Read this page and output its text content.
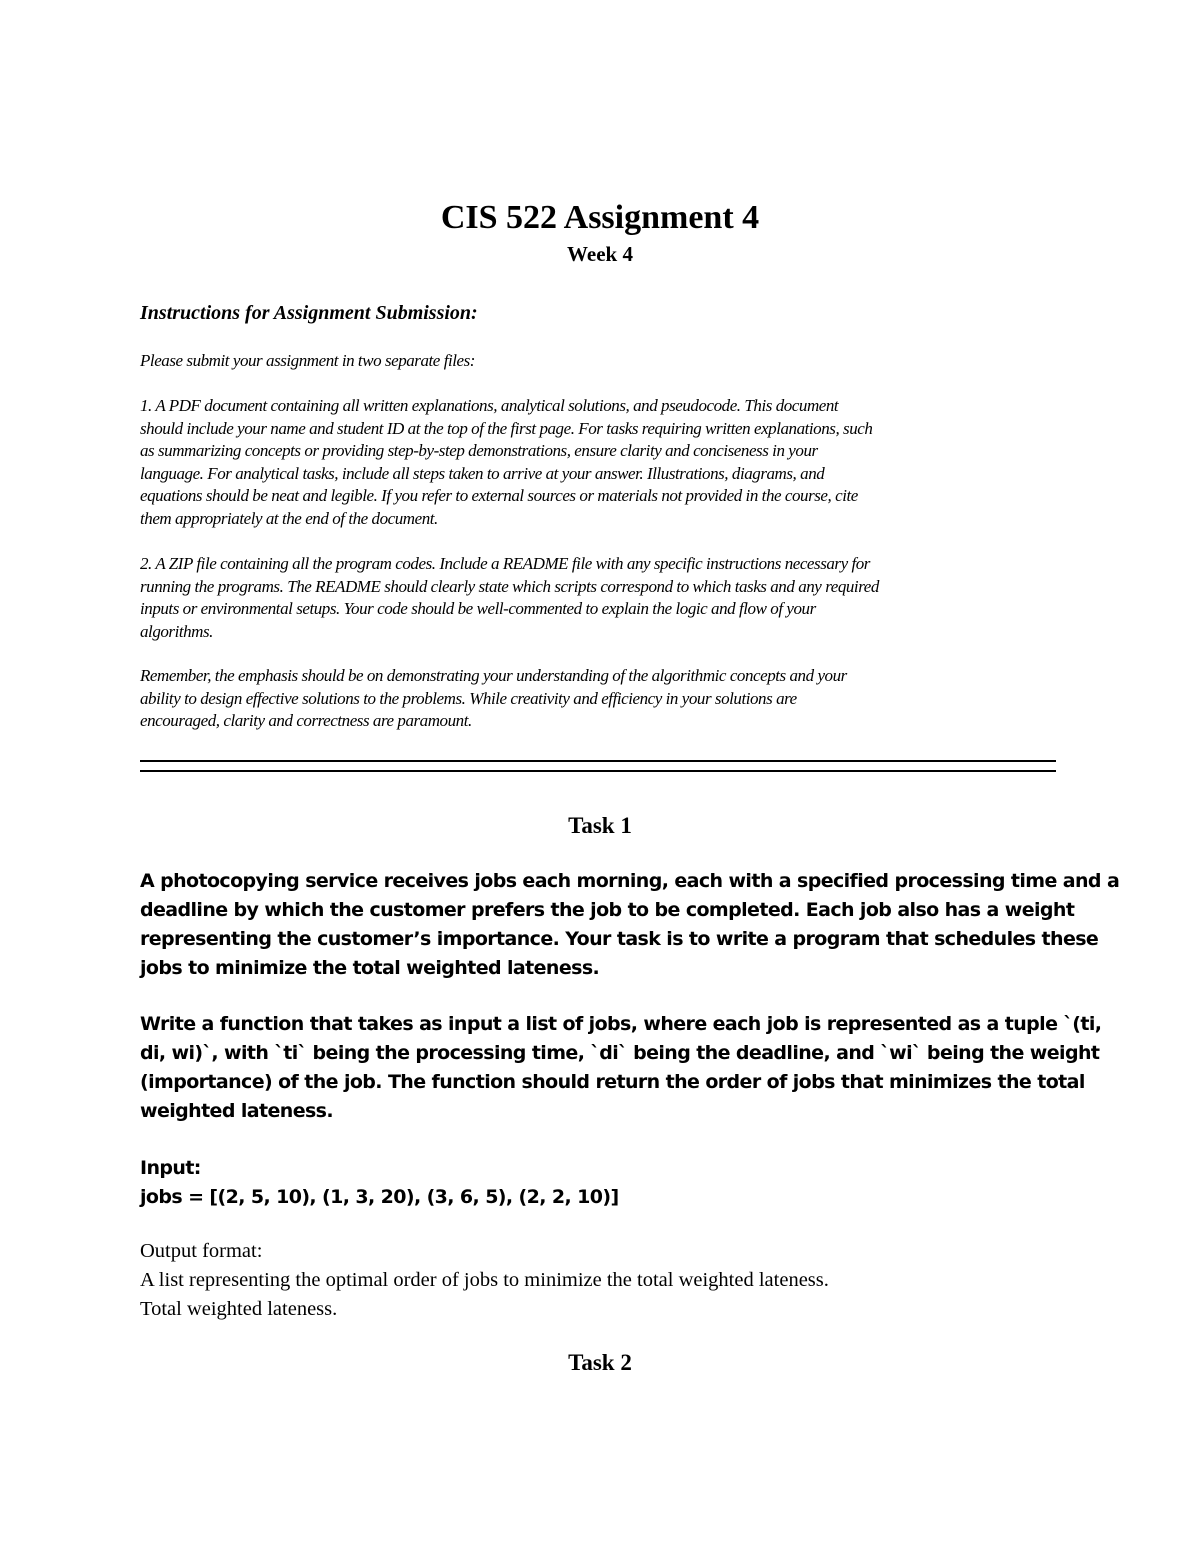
CIS 522 Assignment 4
Week 4
Instructions for Assignment Submission:
Please submit your assignment in two separate files:
1. A PDF document containing all written explanations, analytical solutions, and pseudocode. This document
should include your name and student ID at the top of the first page. For tasks requiring written explanations, such
as summarizing concepts or providing step-by-step demonstrations, ensure clarity and conciseness in your
language. For analytical tasks, include all steps taken to arrive at your answer. Illustrations, diagrams, and
equations should be neat and legible. If you refer to external sources or materials not provided in the course, cite
them appropriately at the end of the document.
2. A ZIP file containing all the program codes. Include a README file with any specific instructions necessary for
running the programs. The README should clearly state which scripts correspond to which tasks and any required
inputs or environmental setups. Your code should be well-commented to explain the logic and flow of your
algorithms.
Remember, the emphasis should be on demonstrating your understanding of the algorithmic concepts and your
ability to design effective solutions to the problems. While creativity and efficiency in your solutions are
encouraged, clarity and correctness are paramount.
Task 1
A photocopying service receives jobs each morning, each with a specified processing time and a
deadline by which the customer prefers the job to be completed. Each job also has a weight
representing the customer’s importance. Your task is to write a program that schedules these
jobs to minimize the total weighted lateness.
Write a function that takes as input a list of jobs, where each job is represented as a tuple `(ti,
di, wi)`, with `ti` being the processing time, `di` being the deadline, and `wi` being the weight
(importance) of the job. The function should return the order of jobs that minimizes the total
weighted lateness.
Input:
jobs = [(2, 5, 10), (1, 3, 20), (3, 6, 5), (2, 2, 10)]
Output format:
A list representing the optimal order of jobs to minimize the total weighted lateness.
Total weighted lateness.
Task 2
